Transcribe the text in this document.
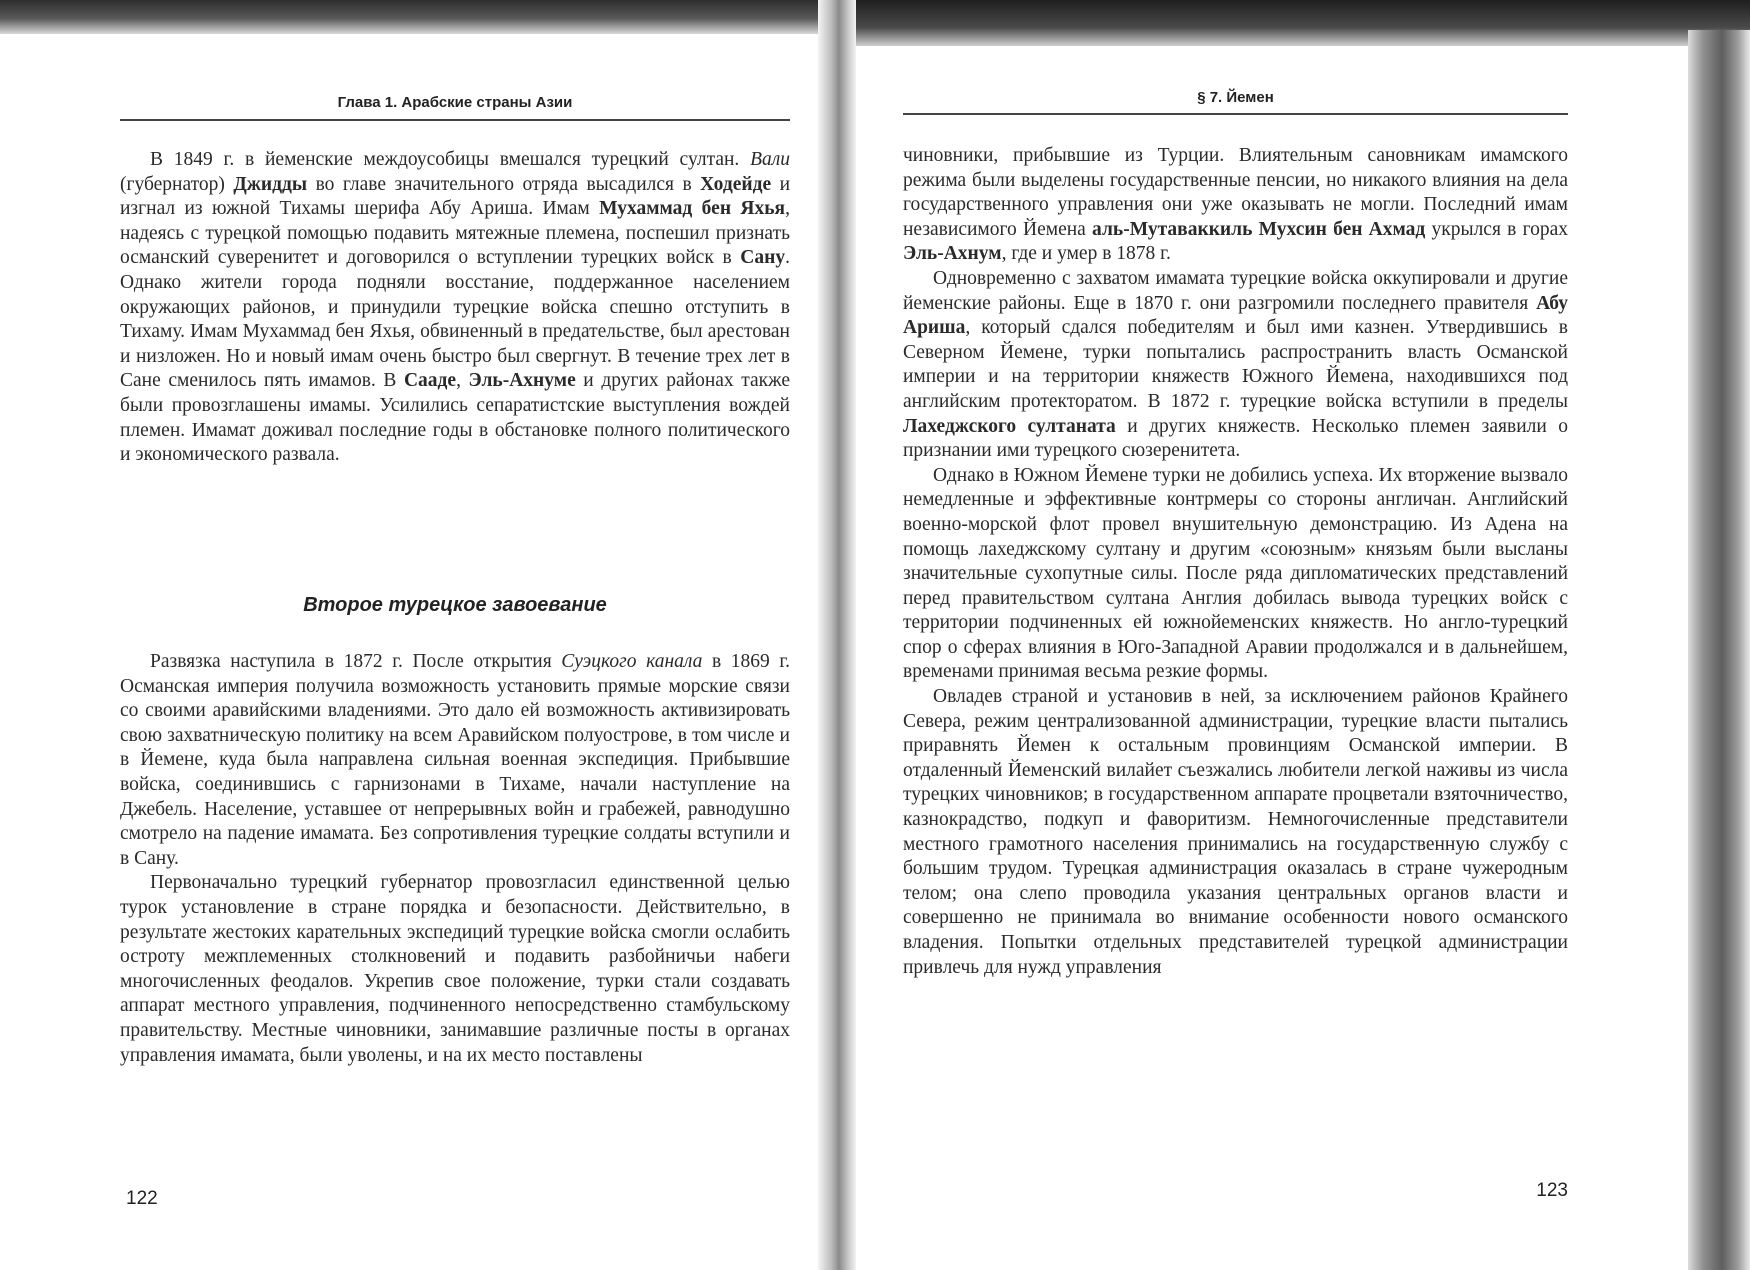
Глава 1. Арабские страны Азии

В 1849 г. в йеменские междоусобицы вмешался турецкий султан. Вали (губернатор) Джидды во главе значительного отряда высадился в Ходейде и изгнал из южной Тихамы шерифа Абу Ариша. Имам Мухаммад бен Яхья, надеясь с турецкой помощью подавить мятежные племена, поспешил признать османский суверенитет и договорился о вступлении турецких войск в Сану. Однако жители города подняли восстание, поддержанное населением окружающих районов, и принудили турецкие войска спешно отступить в Тихаму. Имам Мухаммад бен Яхья, обвиненный в предательстве, был арестован и низложен. Но и новый имам очень быстро был свергнут. В течение трех лет в Сане сменилось пять имамов. В Сааде, Эль-Ахнуме и других районах также были провозглашены имамы. Усилились сепаратистские выступления вождей племен. Имамат доживал последние годы в обстановке полного политического и экономического развала.

Второе турецкое завоевание

Развязка наступила в 1872 г. После открытия Суэцкого канала в 1869 г. Османская империя получила возможность установить прямые морские связи со своими аравийскими владениями. Это дало ей возможность активизировать свою захватническую политику на всем Аравийском полуострове, в том числе и в Йемене, куда была направлена сильная военная экспедиция. Прибывшие войска, соединившись с гарнизонами в Тихаме, начали наступление на Джебель. Население, уставшее от непрерывных войн и грабежей, равнодушно смотрело на падение имамата. Без сопротивления турецкие солдаты вступили и в Сану.

Первоначально турецкий губернатор провозгласил единственной целью турок установление в стране порядка и безопасности. Действительно, в результате жестоких карательных экспедиций турецкие войска смогли ослабить остроту межплеменных столкновений и подавить разбойничьи набеги многочисленных феодалов. Укрепив свое положение, турки стали создавать аппарат местного управления, подчиненного непосредственно стамбульскому правительству. Местные чиновники, занимавшие различные посты в органах управления имамата, были уволены, и на их место поставлены

122
§ 7. Йемен

чиновники, прибывшие из Турции. Влиятельным сановникам имамского режима были выделены государственные пенсии, но никакого влияния на дела государственного управления они уже оказывать не могли. Последний имам независимого Йемена аль-Мутаваккиль Мухсин бен Ахмад укрылся в горах Эль-Ахнум, где и умер в 1878 г.

Одновременно с захватом имамата турецкие войска оккупировали и другие йеменские районы. Еще в 1870 г. они разгромили последнего правителя Абу Ариша, который сдался победителям и был ими казнен. Утвердившись в Северном Йемене, турки попытались распространить власть Османской империи и на территории княжеств Южного Йемена, находившихся под английским протекторатом. В 1872 г. турецкие войска вступили в пределы Лахеджского султаната и других княжеств. Несколько племен заявили о признании ими турецкого сюзеренитета.

Однако в Южном Йемене турки не добились успеха. Их вторжение вызвало немедленные и эффективные контрмеры со стороны англичан. Английский военно-морской флот провел внушительную демонстрацию. Из Адена на помощь лахеджскому султану и другим «союзным» князьям были высланы значительные сухопутные силы. После ряда дипломатических представлений перед правительством султана Англия добилась вывода турецких войск с территории подчиненных ей южнойеменских княжеств. Но англо-турецкий спор о сферах влияния в Юго-Западной Аравии продолжался и в дальнейшем, временами принимая весьма резкие формы.

Овладев страной и установив в ней, за исключением районов Крайнего Севера, режим централизованной администрации, турецкие власти пытались приравнять Йемен к остальным провинциям Османской империи. В отдаленный Йеменский вилайет съезжались любители легкой наживы из числа турецких чиновников; в государственном аппарате процветали взяточничество, казнокрадство, подкуп и фаворитизм. Немногочисленные представители местного грамотного населения принимались на государственную службу с большим трудом. Турецкая администрация оказалась в стране чужеродным телом; она слепо проводила указания центральных органов власти и совершенно не принимала во внимание особенности нового османского владения. Попытки отдельных представителей турецкой администрации привлечь для нужд управления

123
